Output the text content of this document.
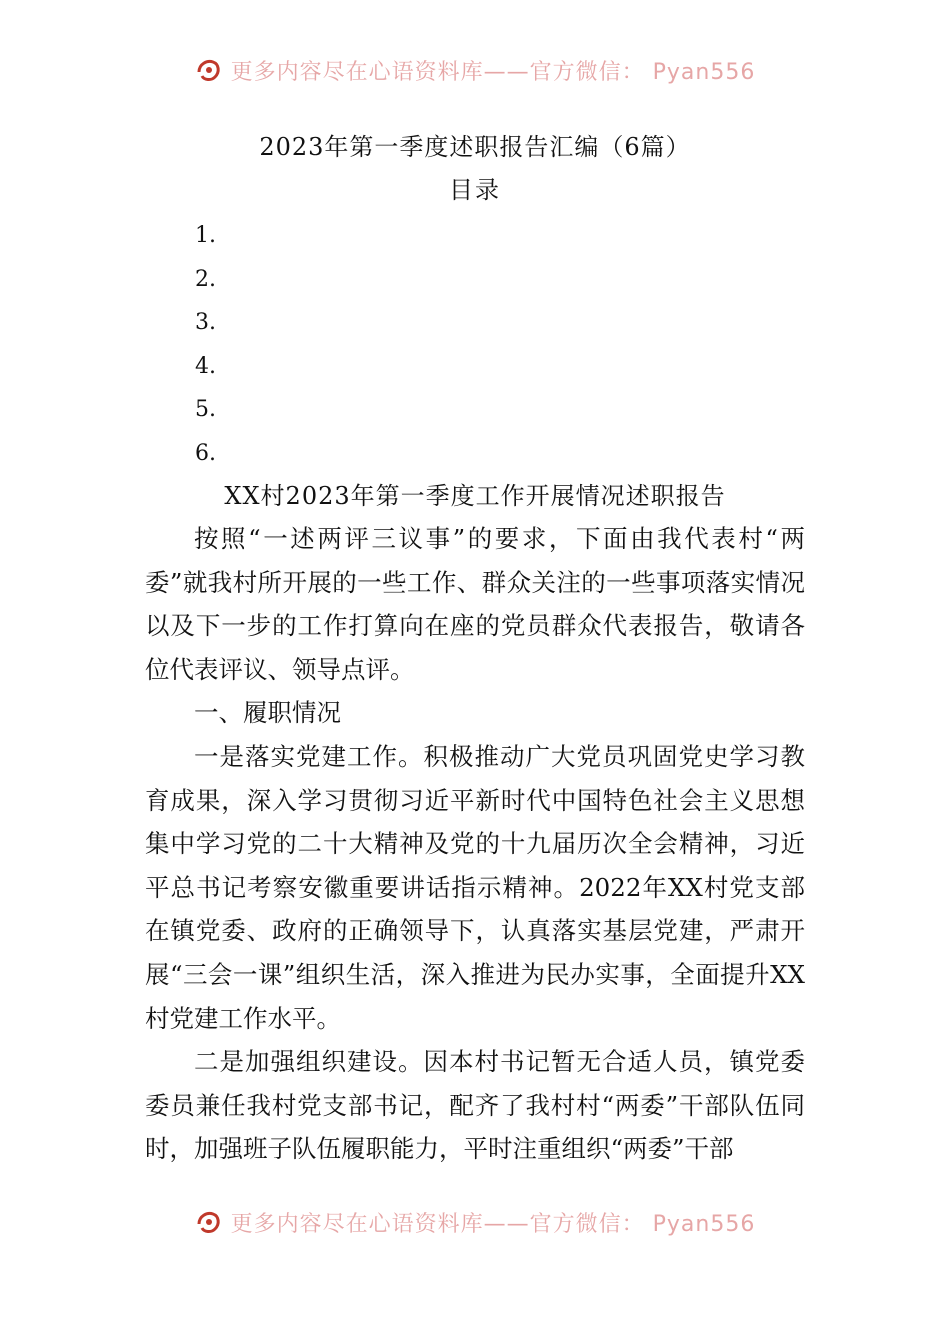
更多内容尽在心语资料库——官方微信： Pyan556
2023年第一季度述职报告汇编（6篇）
目录
1.
2.
3.
4.
5.
6.
XX村2023年第一季度工作开展情况述职报告

按照“一述两评三议事”的要求，下面由我代表村“两委”就我村所开展的一些工作、群众关注的一些事项落实情况以及下一步的工作打算向在座的党员群众代表报告，敬请各位代表评议、领导点评。

一、履职情况

一是落实党建工作。积极推动广大党员巩固党史学习教育成果，深入学习贯彻习近平新时代中国特色社会主义思想集中学习党的二十大精神及党的十九届历次全会精神，习近平总书记考察安徽重要讲话指示精神。2022年XX村党支部在镇党委、政府的正确领导下，认真落实基层党建，严肃开展“三会一课”组织生活，深入推进为民办实事，全面提升XX村党建工作水平。

二是加强组织建设。因本村书记暂无合适人员，镇党委委员兼任我村党支部书记，配齐了我村村“两委”干部队伍同时，加强班子队伍履职能力，平时注重组织“两委”干部

更多内容尽在心语资料库——官方微信： Pyan556
